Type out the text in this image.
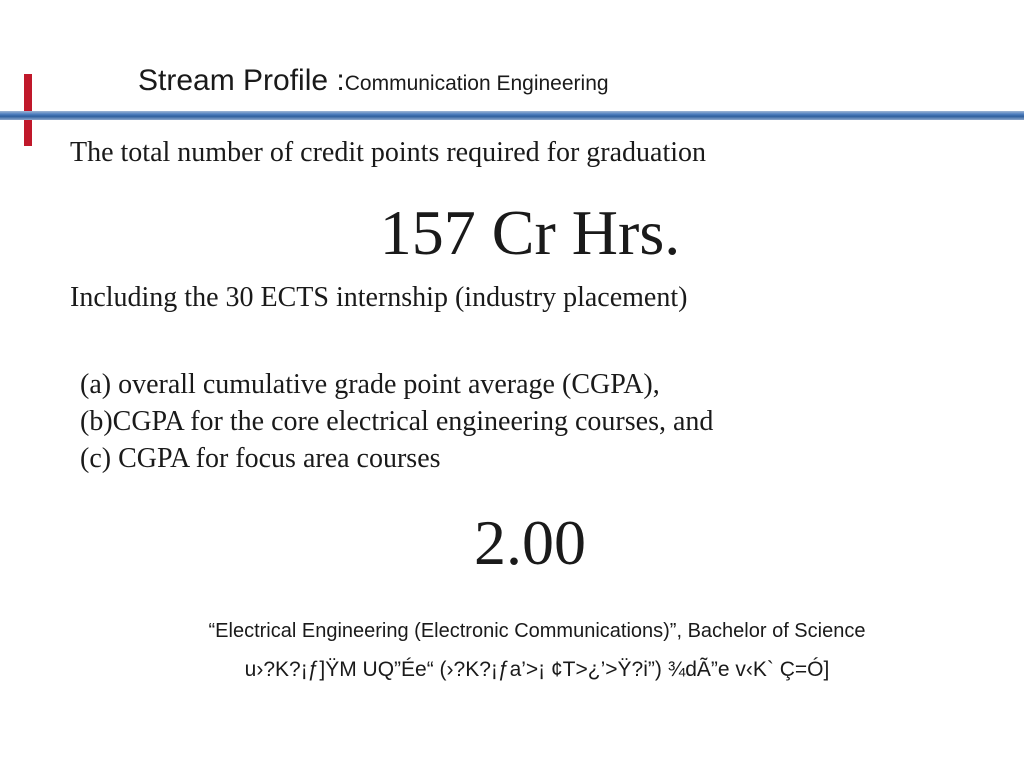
Stream Profile :Communication Engineering
The total number of credit points required for graduation
157 Cr Hrs.
Including the 30 ECTS internship (industry placement)
(a) overall cumulative grade point average (CGPA),
(b)CGPA for the core electrical engineering courses, and
(c) CGPA for focus area courses
2.00
“Electrical Engineering (Electronic Communications)”, Bachelor of Science
u›?K?¡ƒ]ŸM UQ”Ée“ (›?K?¡ƒa’>¡ ¢T>¿’>Ÿ?i”) ¾dÃ”e v‹K` Ç=Ó]
